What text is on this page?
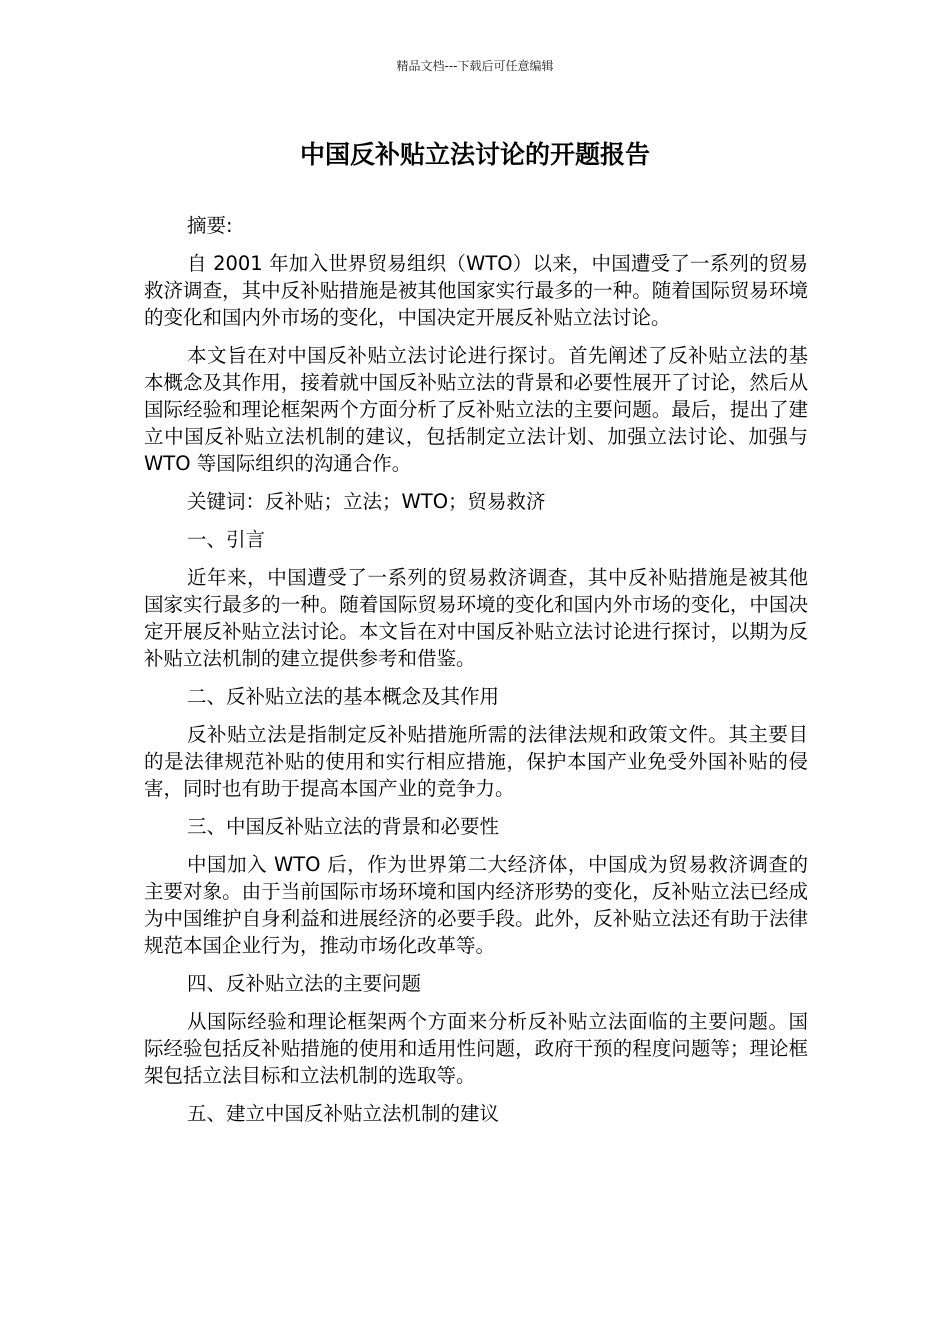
精品文档---下载后可任意编辑
中国反补贴立法讨论的开题报告

摘要:

自 2001 年加入世界贸易组织（WTO）以来，中国遭受了一系列的贸易救济调查，其中反补贴措施是被其他国家实行最多的一种。随着国际贸易环境的变化和国内外市场的变化，中国决定开展反补贴立法讨论。

本文旨在对中国反补贴立法讨论进行探讨。首先阐述了反补贴立法的基本概念及其作用，接着就中国反补贴立法的背景和必要性展开了讨论，然后从国际经验和理论框架两个方面分析了反补贴立法的主要问题。最后，提出了建立中国反补贴立法机制的建议，包括制定立法计划、加强立法讨论、加强与 WTO 等国际组织的沟通合作。

关键词：反补贴；立法；WTO；贸易救济

一、引言

近年来，中国遭受了一系列的贸易救济调查，其中反补贴措施是被其他国家实行最多的一种。随着国际贸易环境的变化和国内外市场的变化，中国决定开展反补贴立法讨论。本文旨在对中国反补贴立法讨论进行探讨，以期为反补贴立法机制的建立提供参考和借鉴。

二、反补贴立法的基本概念及其作用

反补贴立法是指制定反补贴措施所需的法律法规和政策文件。其主要目的是法律规范补贴的使用和实行相应措施，保护本国产业免受外国补贴的侵害，同时也有助于提高本国产业的竞争力。

三、中国反补贴立法的背景和必要性

中国加入 WTO 后，作为世界第二大经济体，中国成为贸易救济调查的主要对象。由于当前国际市场环境和国内经济形势的变化，反补贴立法已经成为中国维护自身利益和进展经济的必要手段。此外，反补贴立法还有助于法律规范本国企业行为，推动市场化改革等。

四、反补贴立法的主要问题

从国际经验和理论框架两个方面来分析反补贴立法面临的主要问题。国际经验包括反补贴措施的使用和适用性问题，政府干预的程度问题等；理论框架包括立法目标和立法机制的选取等。

五、建立中国反补贴立法机制的建议
